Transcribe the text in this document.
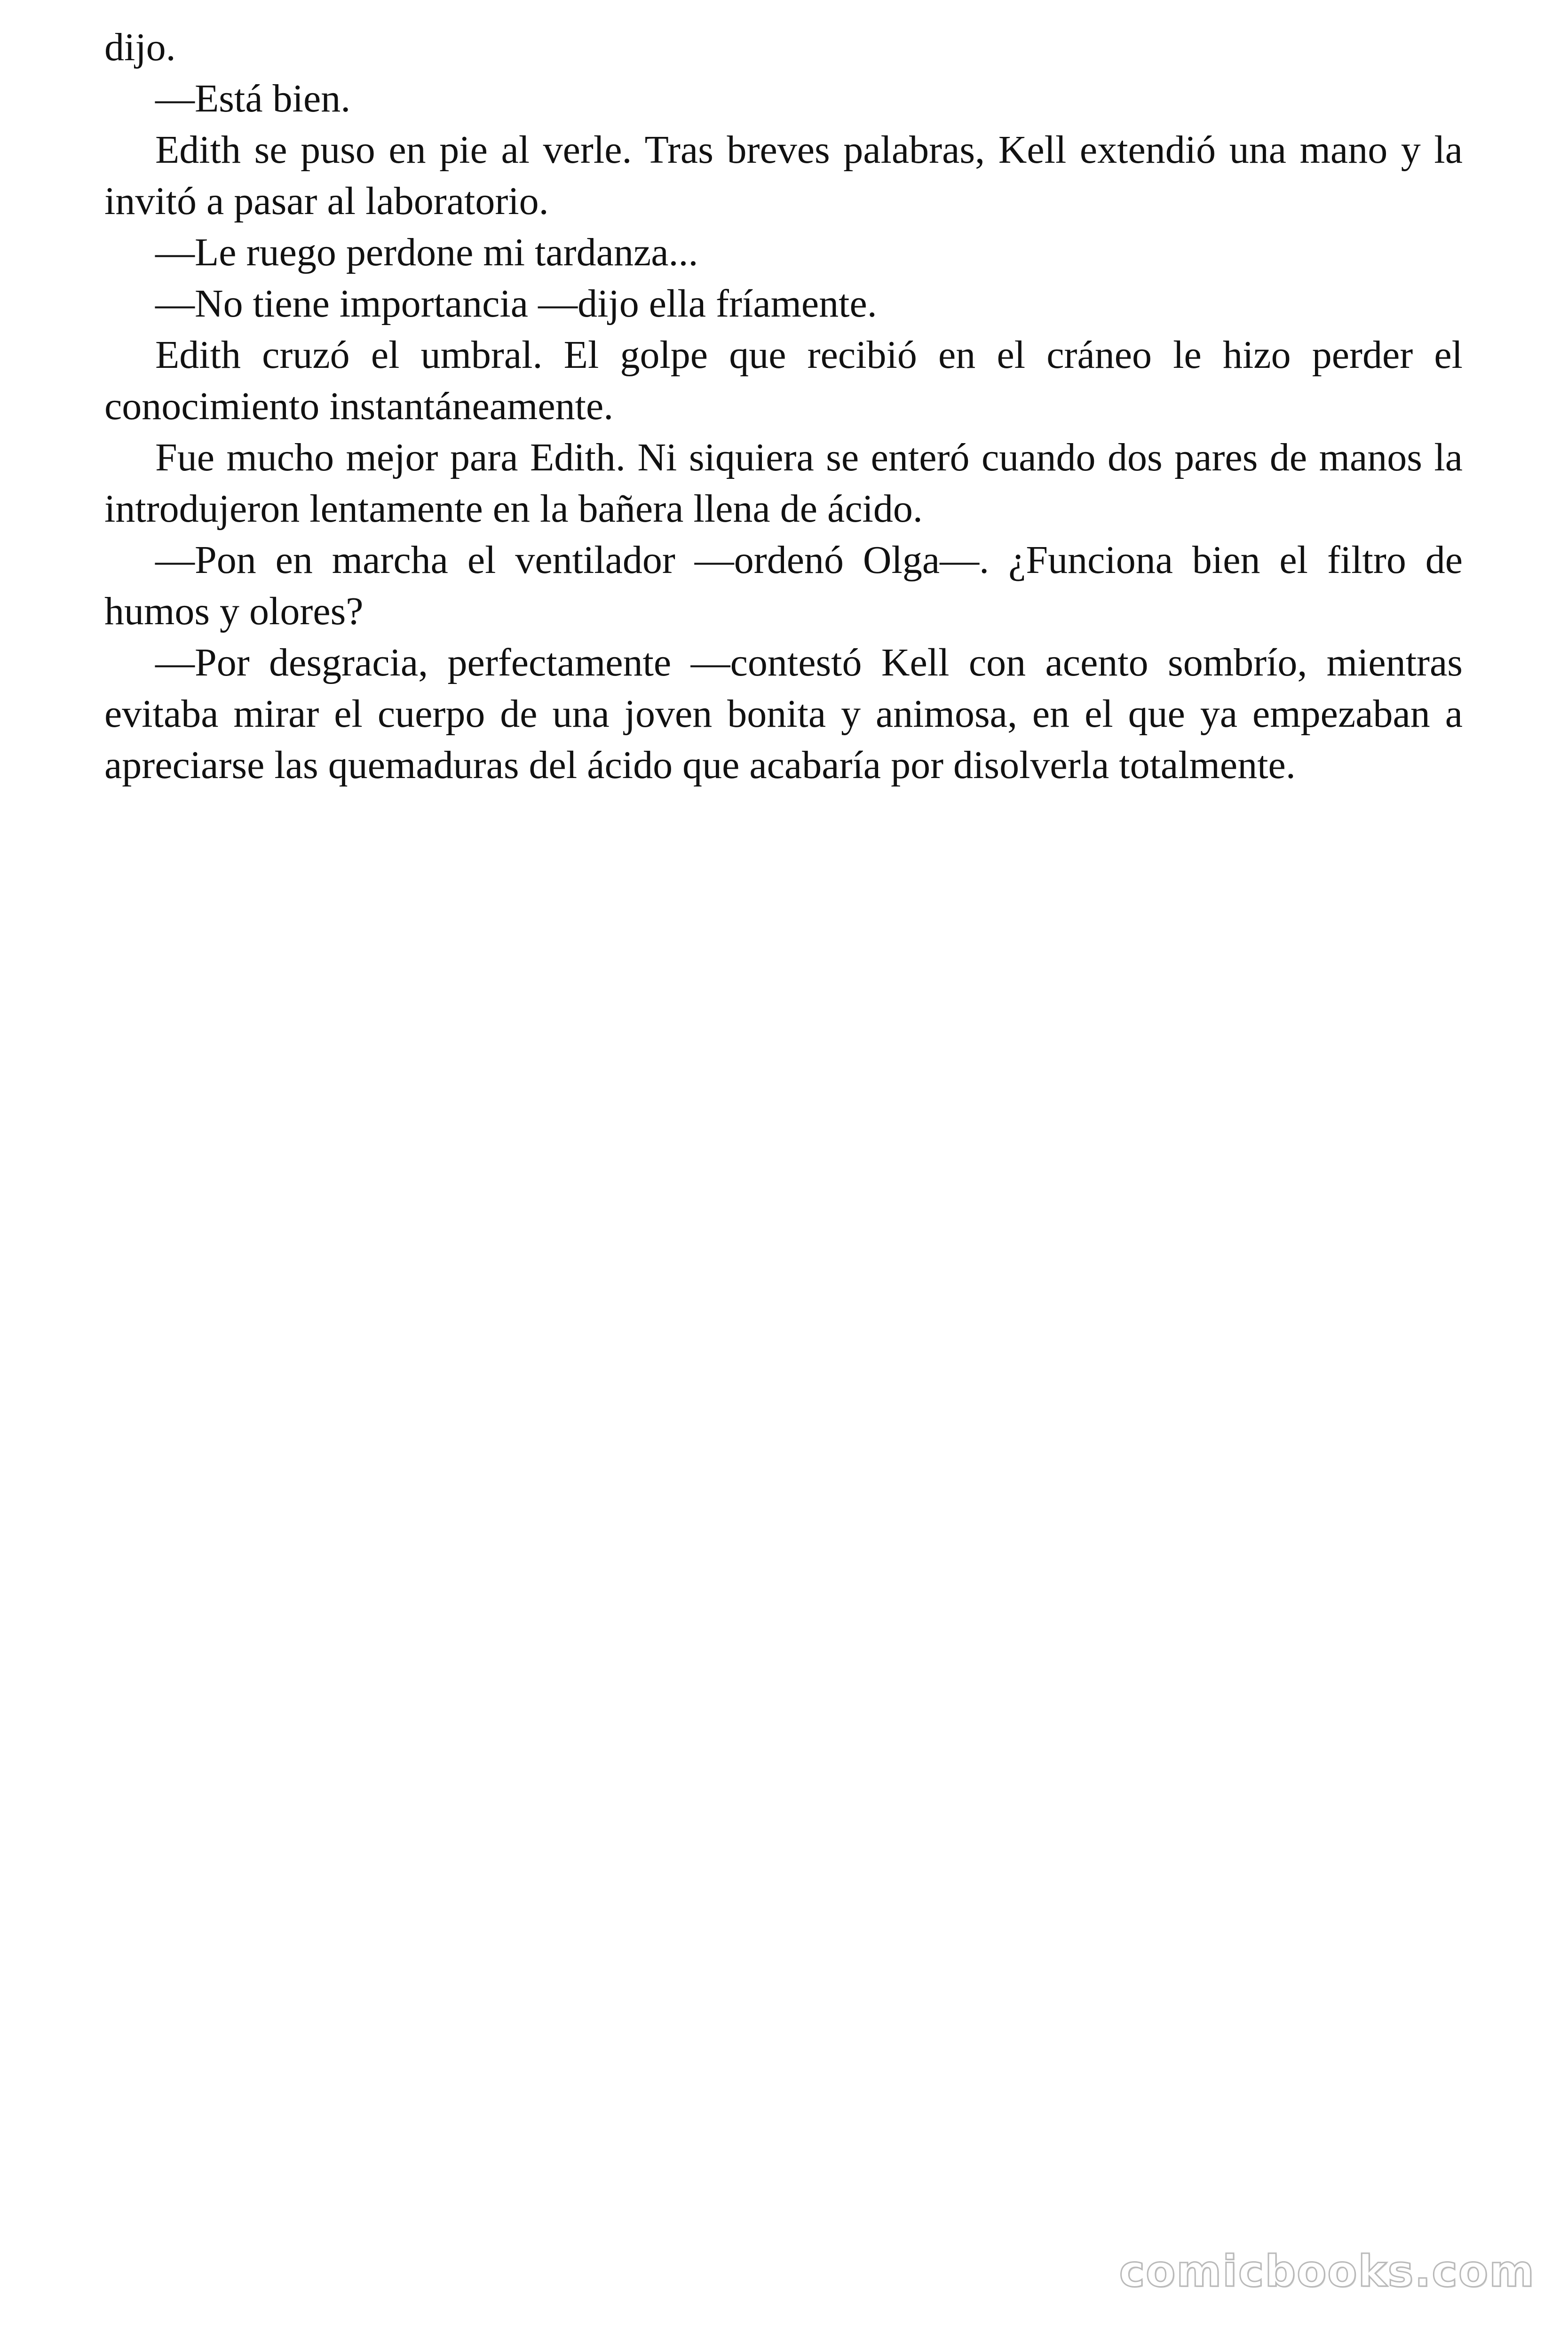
dijo.

—Está bien.

Edith se puso en pie al verle. Tras breves palabras, Kell extendió una mano y la invitó a pasar al laboratorio.

—Le ruego perdone mi tardanza...

—No tiene importancia —dijo ella fríamente.

Edith cruzó el umbral. El golpe que recibió en el cráneo le hizo perder el conocimiento instantáneamente.

Fue mucho mejor para Edith. Ni siquiera se enteró cuando dos pares de manos la introdujeron lentamente en la bañera llena de ácido.

—Pon en marcha el ventilador —ordenó Olga—. ¿Funciona bien el filtro de humos y olores?

—Por desgracia, perfectamente —contestó Kell con acento sombrío, mientras evitaba mirar el cuerpo de una joven bonita y animosa, en el que ya empezaban a apreciarse las quemaduras del ácido que acabaría por disolverla totalmente.

comicbooks.com
